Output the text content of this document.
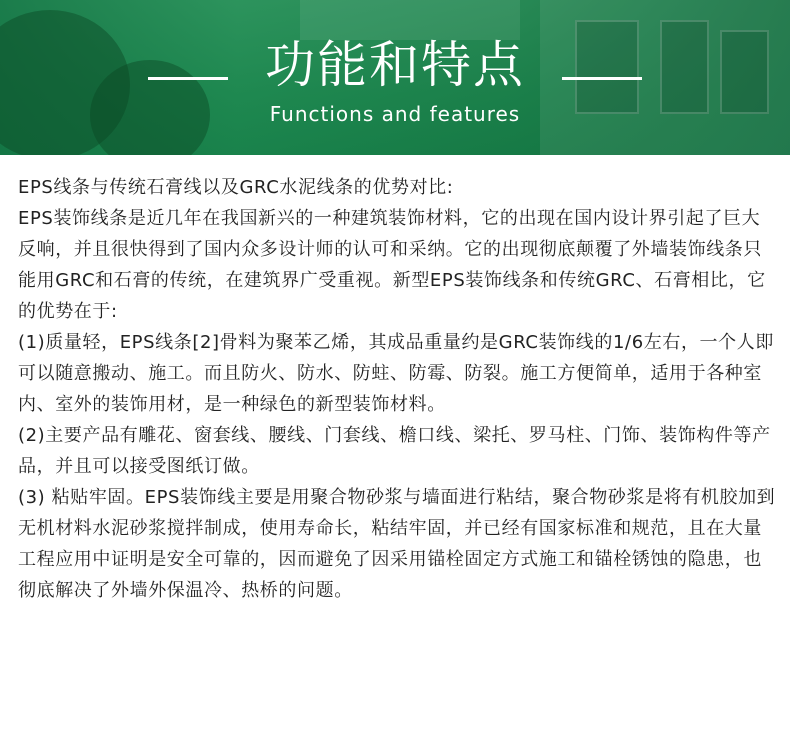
功能和特点
Functions and features

EPS线条与传统石膏线以及GRC水泥线条的优势对比:

EPS装饰线条是近几年在我国新兴的一种建筑装饰材料，它的出现在国内设计界引起了巨大反响，并且很快得到了国内众多设计师的认可和采纳。它的出现彻底颠覆了外墙装饰线条只能用GRC和石膏的传统，在建筑界广受重视。新型EPS装饰线条和传统GRC、石膏相比，它的优势在于:

(1)质量轻，EPS线条[2]骨料为聚苯乙烯，其成品重量约是GRC装饰线的1/6左右，一个人即可以随意搬动、施工。而且防火、防水、防蛀、防霉、防裂。施工方便简单，适用于各种室内、室外的装饰用材，是一种绿色的新型装饰材料。

(2)主要产品有雕花、窗套线、腰线、门套线、檐口线、梁托、罗马柱、门饰、装饰构件等产品，并且可以接受图纸订做。

(3) 粘贴牢固。EPS装饰线主要是用聚合物砂浆与墙面进行粘结，聚合物砂浆是将有机胶加到无机材料水泥砂浆搅拌制成，使用寿命长，粘结牢固，并已经有国家标准和规范，且在大量工程应用中证明是安全可靠的，因而避免了因采用锚栓固定方式施工和锚栓锈蚀的隐患，也彻底解决了外墙外保温冷、热桥的问题。
